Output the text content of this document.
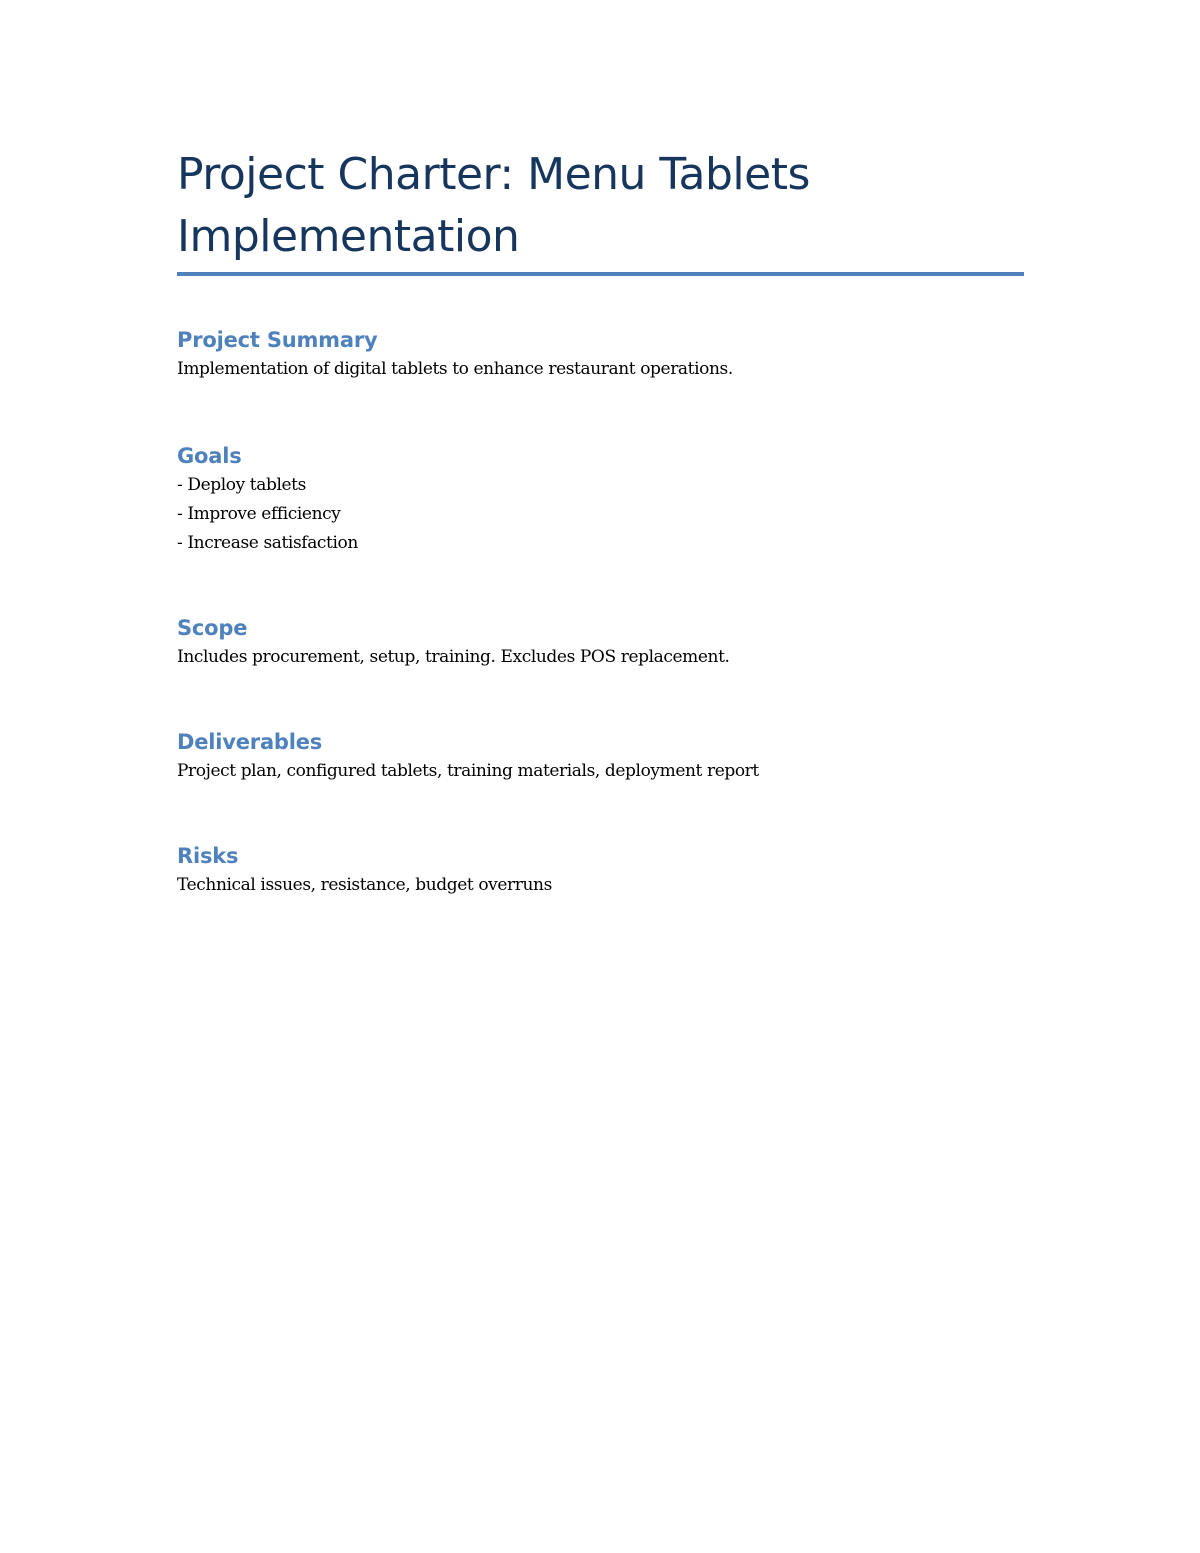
Project Charter: Menu Tablets Implementation
Project Summary

Implementation of digital tablets to enhance restaurant operations.

Goals
- Deploy tablets
- Improve efficiency
- Increase satisfaction
Scope

Includes procurement, setup, training. Excludes POS replacement.

Deliverables

Project plan, configured tablets, training materials, deployment report

Risks

Technical issues, resistance, budget overruns
